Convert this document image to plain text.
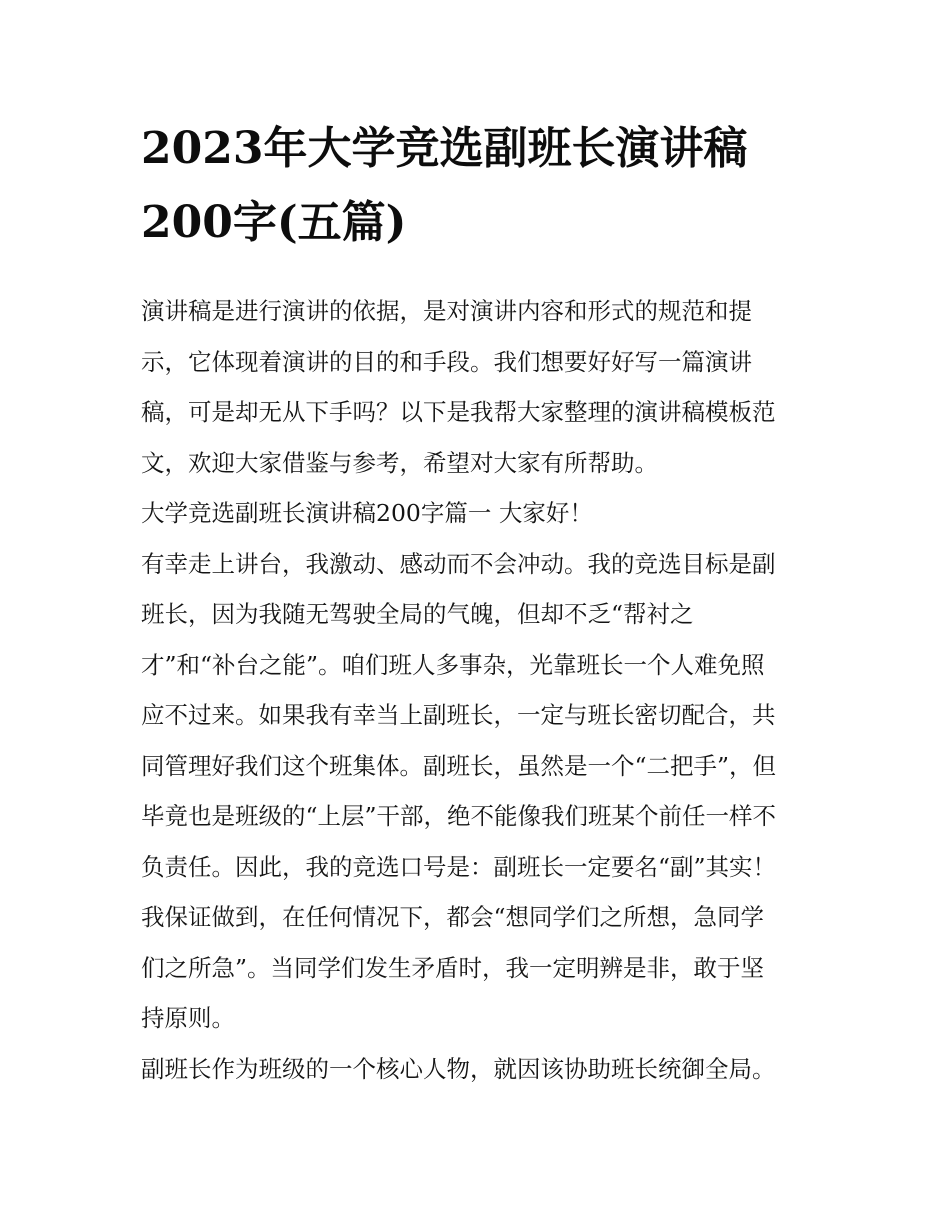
2023年大学竞选副班长演讲稿
200字(五篇)

演讲稿是进行演讲的依据，是对演讲内容和形式的规范和提
示，它体现着演讲的目的和手段。我们想要好好写一篇演讲
稿，可是却无从下手吗？以下是我帮大家整理的演讲稿模板范
文，欢迎大家借鉴与参考，希望对大家有所帮助。

大学竞选副班长演讲稿200字篇一 大家好！

有幸走上讲台，我激动、感动而不会冲动。我的竞选目标是副
班长，因为我随无驾驶全局的气魄，但却不乏“帮衬之
才”和“补台之能”。咱们班人多事杂，光靠班长一个人难免照
应不过来。如果我有幸当上副班长，一定与班长密切配合，共
同管理好我们这个班集体。副班长，虽然是一个“二把手”，但
毕竟也是班级的“上层”干部，绝不能像我们班某个前任一样不
负责任。因此，我的竞选口号是：副班长一定要名“副”其实！
我保证做到，在任何情况下，都会“想同学们之所想，急同学
们之所急”。当同学们发生矛盾时，我一定明辨是非，敢于坚
持原则。

副班长作为班级的一个核心人物，就因该协助班长统御全局。
